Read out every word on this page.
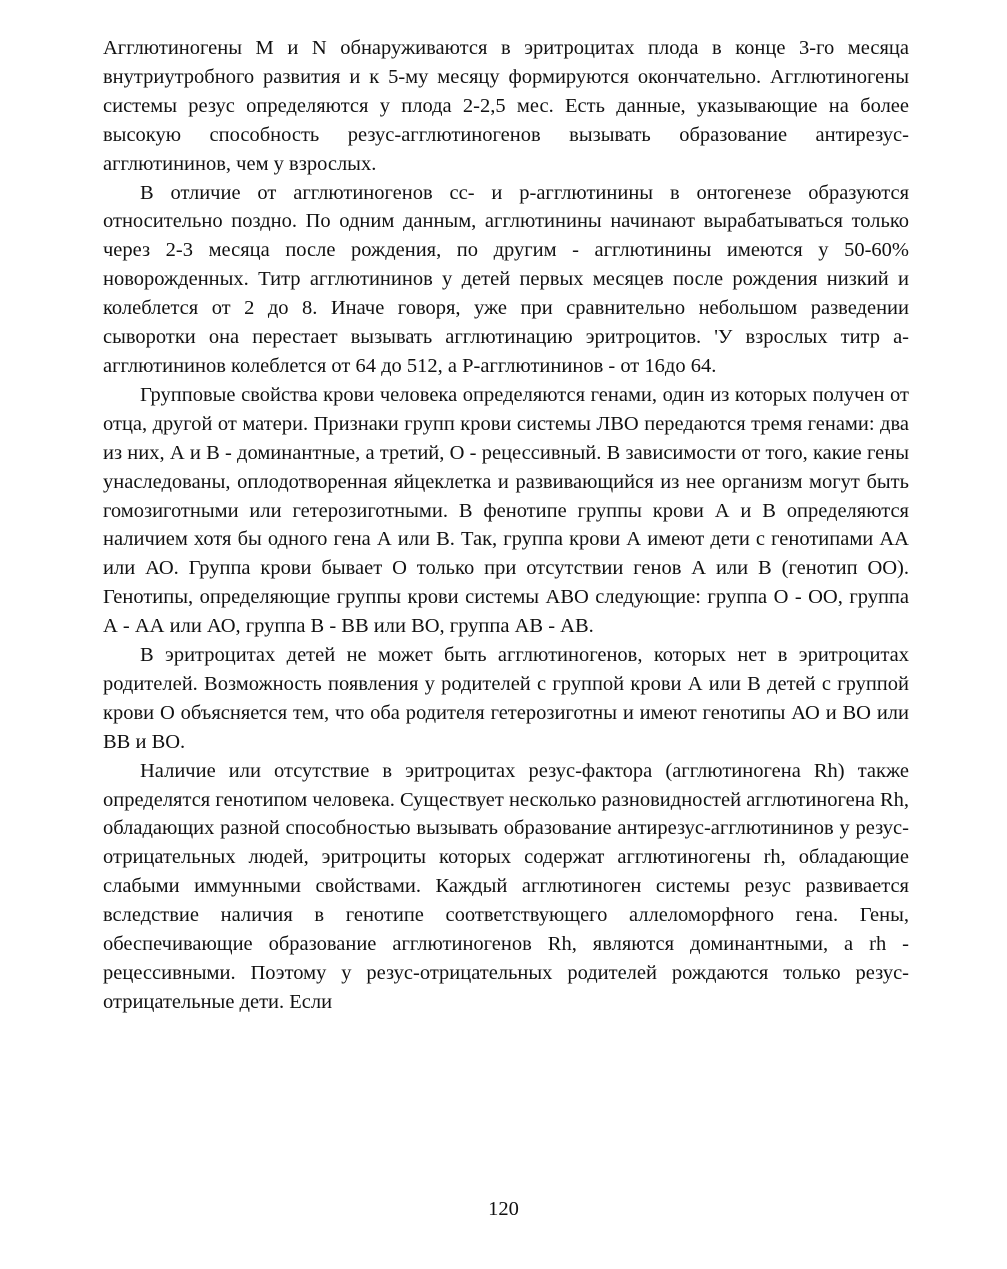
Агглютиногены M и N обнаруживаются в эритроцитах плода в конце 3-го месяца внутриутробного развития и к 5-му месяцу формируются окончательно. Агглютиногены системы резус определяются у плода 2-2,5 мес. Есть данные, указывающие на более высокую способность резус-агглютиногенов вызывать образование антирезус-агглютининов, чем у взрослых.

В отличие от агглютиногенов cc- и p-агглютинины в онтогенезе образуются относительно поздно. По одним данным, агглютинины начинают вырабатываться только через 2-3 месяца после рождения, по другим - агглютинины имеются у 50-60% новорожденных. Титр агглютининов у детей первых месяцев после рождения низкий и колеблется от 2 до 8. Иначе говоря, уже при сравнительно небольшом разведении сыворотки она перестает вызывать агглютинацию эритроцитов. 'У взрослых титр а-агглютининов колеблется от 64 до 512, а Р-агглютининов - от 16до 64.

Групповые свойства крови человека определяются генами, один из которых получен от отца, другой от матери. Признаки групп крови системы ЛВО передаются тремя генами: два из них, А и В - доминантные, а третий, О - рецессивный. В зависимости от того, какие гены унаследованы, оплодотворенная яйцеклетка и развивающийся из нее организм могут быть гомозиготными или гетерозиготными. В фенотипе группы крови А и В определяются наличием хотя бы одного гена А или В. Так, группа крови А имеют дети с генотипами АА или АО. Группа крови бывает О только при отсутствии генов А или В (генотип ОО). Генотипы, определяющие группы крови системы АВО следующие: группа О - ОО, группа А - АА или АО, группа В - ВВ или ВО, группа АВ - АВ.

В эритроцитах детей не может быть агглютиногенов, которых нет в эритроцитах родителей. Возможность появления у родителей с группой крови А или В детей с группой крови О объясняется тем, что оба родителя гетерозиготны и имеют генотипы АО и ВО или ВВ и ВО.

Наличие или отсутствие в эритроцитах резус-фактора (агглютиногена Rh) также определятся генотипом человека. Существует несколько разновидностей агглютиногена Rh, обладающих разной способностью вызывать образование антирезус-агглютининов у резус-отрицательных людей, эритроциты которых содержат агглютиногены rh, обладающие слабыми иммунными свойствами. Каждый агглютиноген системы резус развивается вследствие наличия в генотипе соответствующего аллеломорфного гена. Гены, обеспечивающие образование агглютиногенов Rh, являются доминантными, а rh - рецессивными. Поэтому у резус-отрицательных родителей рождаются только резус-отрицательные дети. Если

120
